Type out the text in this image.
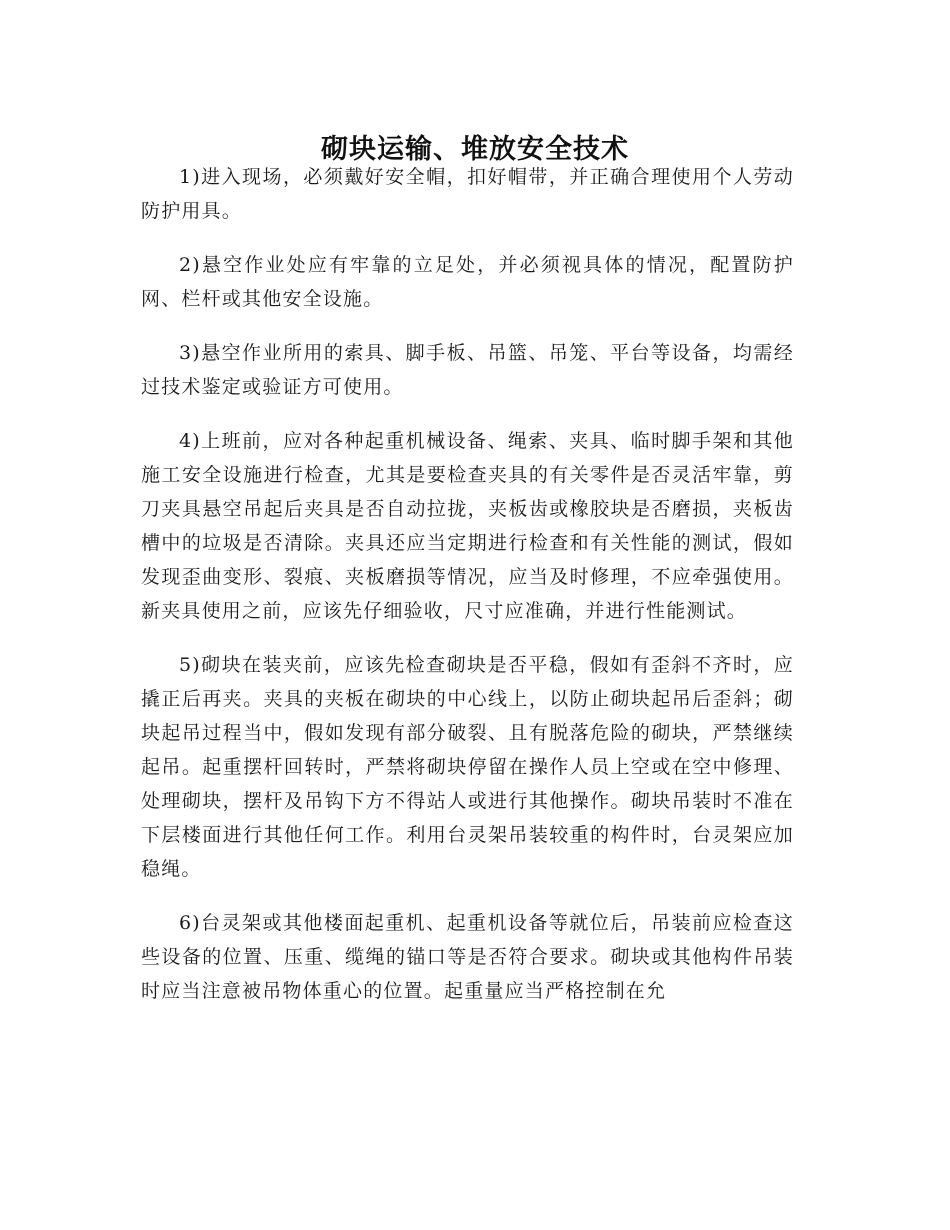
砌块运输、堆放安全技术

1)进入现场，必须戴好安全帽，扣好帽带，并正确合理使用个人劳动防护用具。

2)悬空作业处应有牢靠的立足处，并必须视具体的情况，配置防护网、栏杆或其他安全设施。

3)悬空作业所用的索具、脚手板、吊篮、吊笼、平台等设备，均需经过技术鉴定或验证方可使用。

4)上班前，应对各种起重机械设备、绳索、夹具、临时脚手架和其他施工安全设施进行检查，尤其是要检查夹具的有关零件是否灵活牢靠，剪刀夹具悬空吊起后夹具是否自动拉拢，夹板齿或橡胶块是否磨损，夹板齿槽中的垃圾是否清除。夹具还应当定期进行检查和有关性能的测试，假如发现歪曲变形、裂痕、夹板磨损等情况，应当及时修理，不应牵强使用。新夹具使用之前，应该先仔细验收，尺寸应准确，并进行性能测试。

5)砌块在装夹前，应该先检查砌块是否平稳，假如有歪斜不齐时，应撬正后再夹。夹具的夹板在砌块的中心线上，以防止砌块起吊后歪斜；砌块起吊过程当中，假如发现有部分破裂、且有脱落危险的砌块，严禁继续起吊。起重摆杆回转时，严禁将砌块停留在操作人员上空或在空中修理、处理砌块，摆杆及吊钩下方不得站人或进行其他操作。砌块吊装时不准在下层楼面进行其他任何工作。利用台灵架吊装较重的构件时，台灵架应加稳绳。

6)台灵架或其他楼面起重机、起重机设备等就位后，吊装前应检查这些设备的位置、压重、缆绳的锚口等是否符合要求。砌块或其他构件吊装时应当注意被吊物体重心的位置。起重量应当严格控制在允
